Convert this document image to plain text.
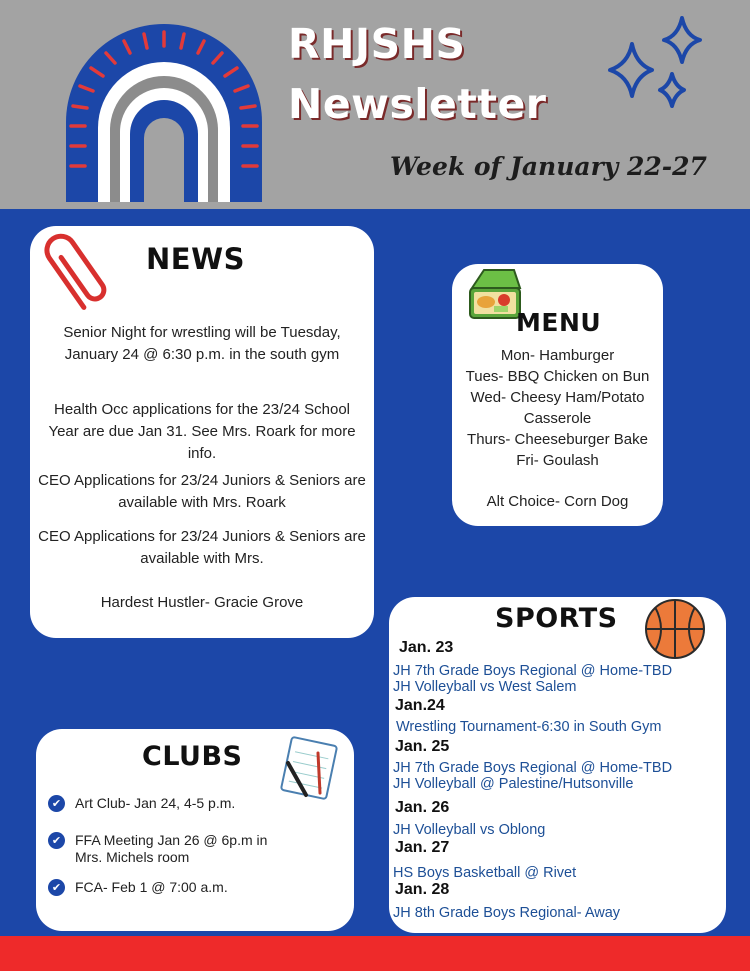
RHJSHS
Newsletter
Week of January 22-27
NEWS
Senior Night for wrestling will be Tuesday, January 24 @ 6:30 p.m. in the south gym
Health Occ applications for the 23/24 School Year are due Jan 31. See Mrs. Roark for more info.
CEO Applications for 23/24 Juniors & Seniors are available with Mrs. Roark
CEO Applications for 23/24 Juniors & Seniors are available with Mrs.
Hardest Hustler- Gracie Grove
MENU
Mon- Hamburger
Tues- BBQ Chicken on Bun
Wed- Cheesy Ham/Potato
Casserole
Thurs- Cheeseburger Bake
Fri- Goulash
Alt Choice- Corn Dog
CLUBS
✔ Art Club- Jan 24, 4-5 p.m.
✔ FFA Meeting Jan 26 @ 6p.m in Mrs. Michels room
✔ FCA- Feb 1 @ 7:00 a.m.
SPORTS
Jan. 23
JH 7th Grade Boys Regional @ Home-TBD
JH Volleyball vs West Salem
Jan.24
Wrestling Tournament-6:30 in South Gym
Jan. 25
JH 7th Grade Boys Regional @ Home-TBD
JH Volleyball @ Palestine/Hutsonville
Jan. 26
JH Volleyball vs Oblong
Jan. 27
HS Boys Basketball @ Rivet
Jan. 28
JH 8th Grade Boys Regional- Away
